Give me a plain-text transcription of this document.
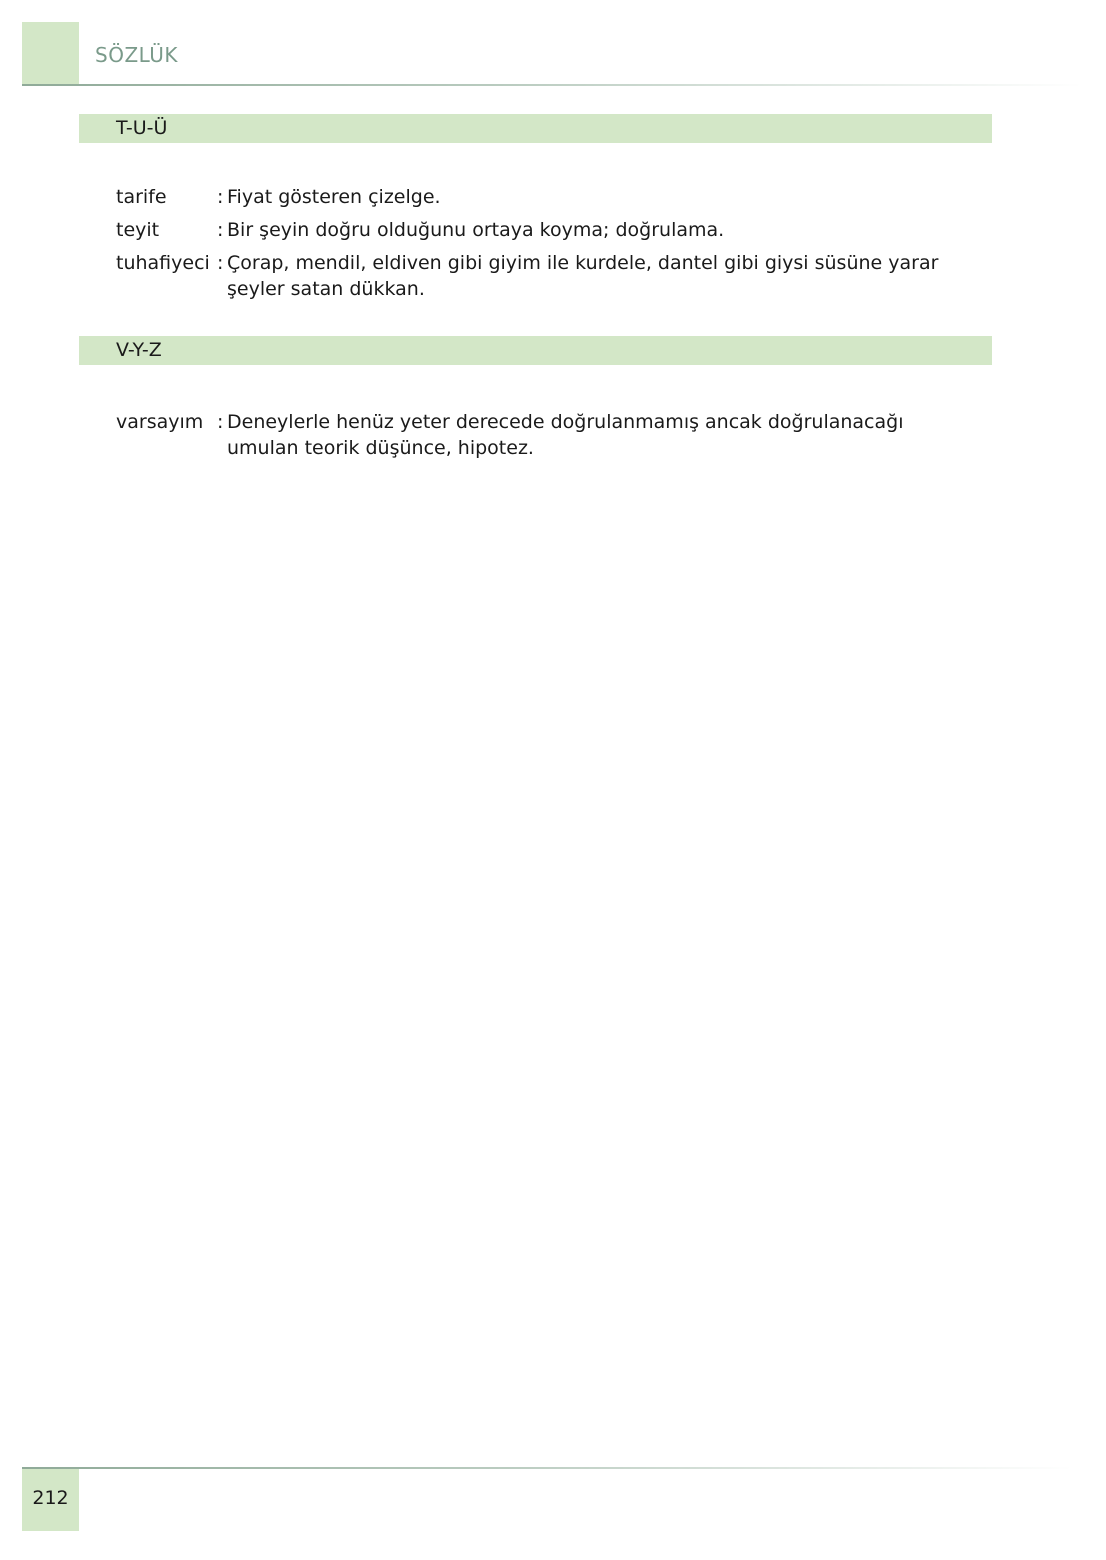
SÖZLÜK
T-U-Ü
tarife	: Fiyat gösteren çizelge.
teyit	: Bir şeyin doğru olduğunu ortaya koyma; doğrulama.
tuhafiyeci : Çorap, mendil, eldiven gibi giyim ile kurdele, dantel gibi giysi süsüne yarar şeyler satan dükkan.
V-Y-Z
varsayım : Deneylerle henüz yeter derecede doğrulanmamış ancak doğrulanacağı umulan teorik düşünce, hipotez.
212
